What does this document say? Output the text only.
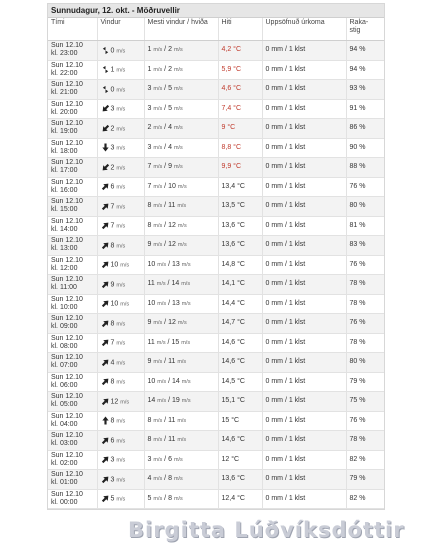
Sunnudagur, 12. okt. - Möðruvellir
Tími	Vindur	Mesti vindur / hviða	Hiti	Uppsöfnuð úrkoma	Raka-
stig

Sun 12.10
kl. 23:00	0 m/s	1 m/s / 2 m/s	4,2 °C	0 mm / 1 klst	94 %

Sun 12.10
kl. 22:00	1 m/s	1 m/s / 2 m/s	5,9 °C	0 mm / 1 klst	94 %

Sun 12.10
kl. 21:00	0 m/s	3 m/s / 5 m/s	4,6 °C	0 mm / 1 klst	93 %

Sun 12.10
kl. 20:00	3 m/s	3 m/s / 5 m/s	7,4 °C	0 mm / 1 klst	91 %

Sun 12.10
kl. 19:00	2 m/s	2 m/s / 4 m/s	9 °C	0 mm / 1 klst	86 %

Sun 12.10
kl. 18:00	3 m/s	3 m/s / 4 m/s	8,8 °C	0 mm / 1 klst	90 %

Sun 12.10
kl. 17:00	2 m/s	7 m/s / 9 m/s	9,9 °C	0 mm / 1 klst	88 %

Sun 12.10
kl. 16:00	6 m/s	7 m/s / 10 m/s	13,4 °C	0 mm / 1 klst	76 %

Sun 12.10
kl. 15:00	7 m/s	8 m/s / 11 m/s	13,5 °C	0 mm / 1 klst	80 %

Sun 12.10
kl. 14:00	7 m/s	8 m/s / 12 m/s	13,6 °C	0 mm / 1 klst	81 %

Sun 12.10
kl. 13:00	8 m/s	9 m/s / 12 m/s	13,6 °C	0 mm / 1 klst	83 %

Sun 12.10
kl. 12:00	10 m/s	10 m/s / 13 m/s	14,8 °C	0 mm / 1 klst	76 %

Sun 12.10
kl. 11:00	9 m/s	11 m/s / 14 m/s	14,1 °C	0 mm / 1 klst	78 %

Sun 12.10
kl. 10:00	10 m/s	10 m/s / 13 m/s	14,4 °C	0 mm / 1 klst	78 %

Sun 12.10
kl. 09:00	8 m/s	9 m/s / 12 m/s	14,7 °C	0 mm / 1 klst	76 %

Sun 12.10
kl. 08:00	7 m/s	11 m/s / 15 m/s	14,6 °C	0 mm / 1 klst	78 %

Sun 12.10
kl. 07:00	4 m/s	9 m/s / 11 m/s	14,6 °C	0 mm / 1 klst	80 %

Sun 12.10
kl. 06:00	8 m/s	10 m/s / 14 m/s	14,5 °C	0 mm / 1 klst	79 %

Sun 12.10
kl. 05:00	12 m/s	14 m/s / 19 m/s	15,1 °C	0 mm / 1 klst	75 %

Sun 12.10
kl. 04:00	8 m/s	8 m/s / 11 m/s	15 °C	0 mm / 1 klst	76 %

Sun 12.10
kl. 03:00	6 m/s	8 m/s / 11 m/s	14,6 °C	0 mm / 1 klst	78 %

Sun 12.10
kl. 02:00	3 m/s	3 m/s / 6 m/s	12 °C	0 mm / 1 klst	82 %

Sun 12.10
kl. 01:00	3 m/s	4 m/s / 8 m/s	13,6 °C	0 mm / 1 klst	79 %

Sun 12.10
kl. 00:00	5 m/s	5 m/s / 8 m/s	12,4 °C	0 mm / 1 klst	82 %
Birgitta Lúðvíksdóttir
